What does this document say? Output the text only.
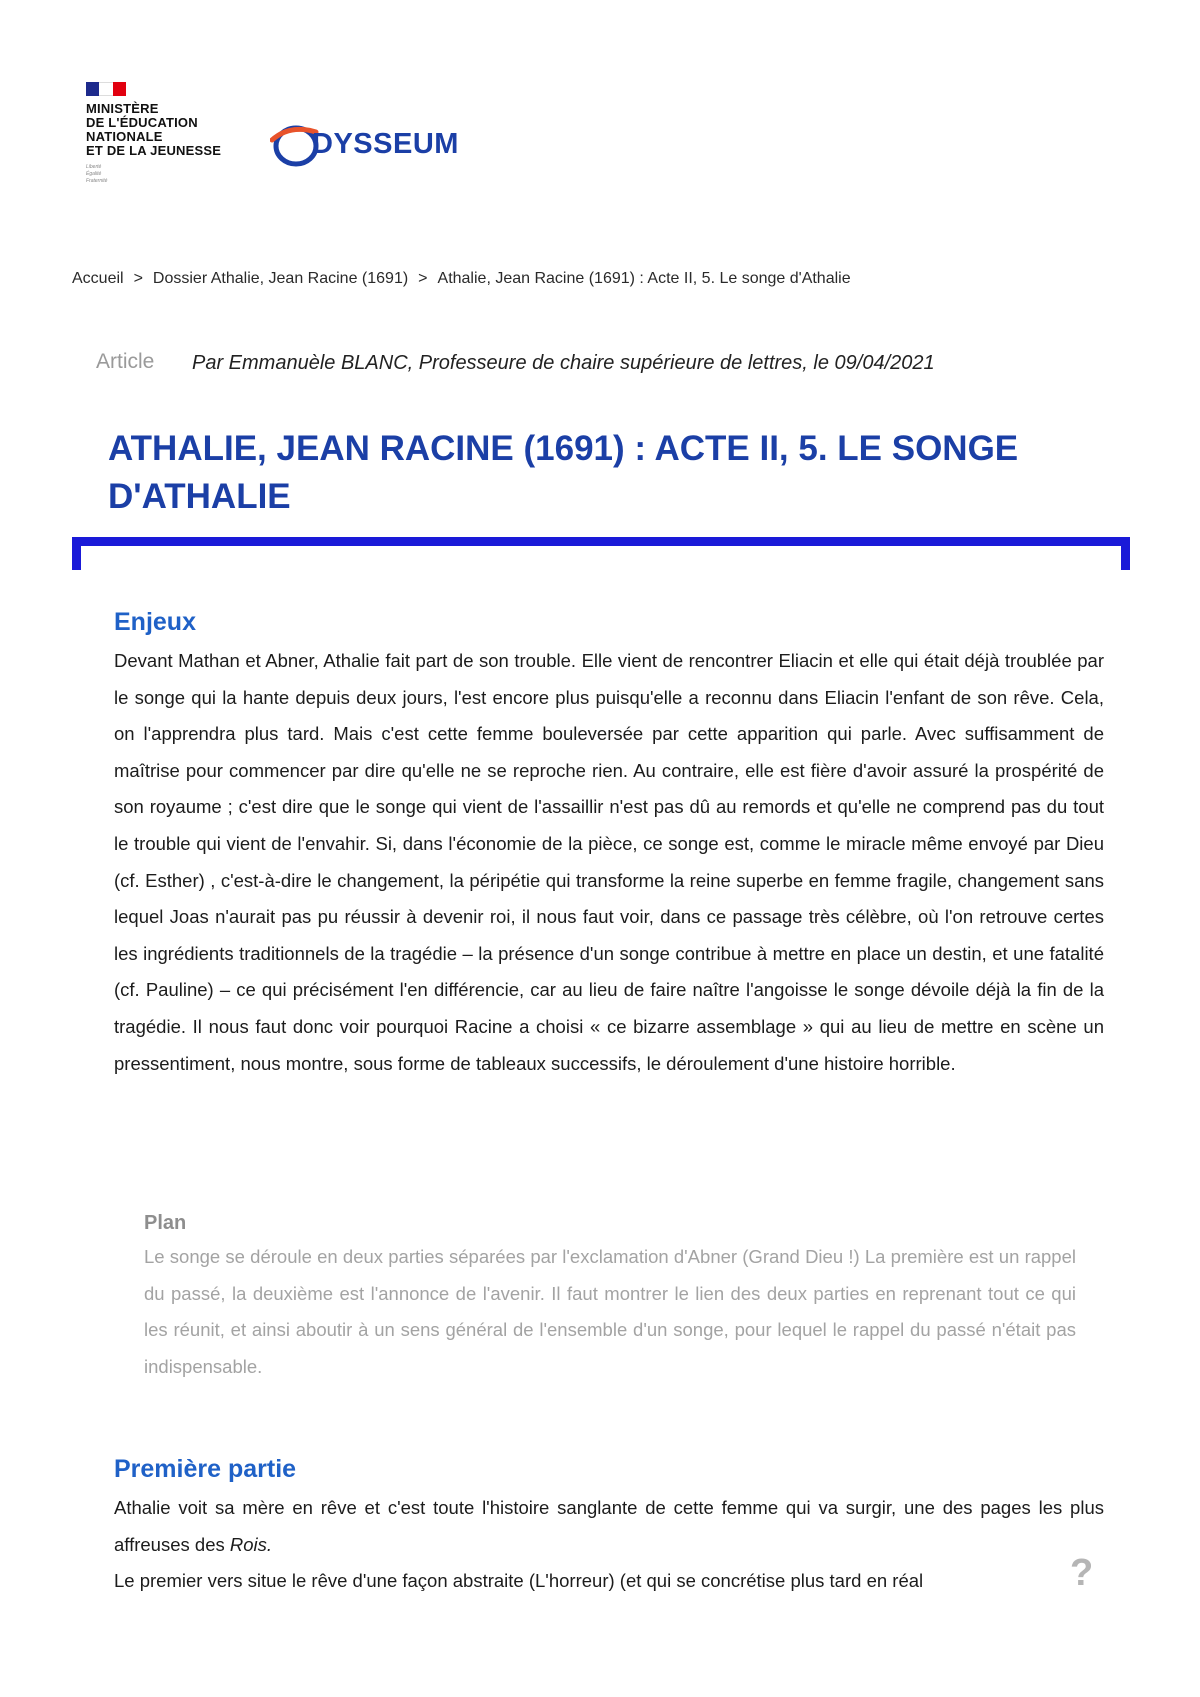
MINISTÈRE
DE L'ÉDUCATION
NATIONALE
ET DE LA JEUNESSE
Liberté
Égalité
Fraternité
DYSSEUM
Accueil > Dossier Athalie, Jean Racine (1691) > Athalie, Jean Racine (1691) : Acte II, 5. Le songe d'Athalie
Article Par Emmanuèle BLANC, Professeure de chaire supérieure de lettres, le 09/04/2021
ATHALIE, JEAN RACINE (1691) : ACTE II, 5. LE SONGE D'ATHALIE
Enjeux

Devant Mathan et Abner, Athalie fait part de son trouble. Elle vient de rencontrer Eliacin et elle qui était déjà troublée par le songe qui la hante depuis deux jours, l'est encore plus puisqu'elle a reconnu dans Eliacin l'enfant de son rêve. Cela, on l'apprendra plus tard. Mais c'est cette femme bouleversée par cette apparition qui parle. Avec suffisamment de maîtrise pour commencer par dire qu'elle ne se reproche rien. Au contraire, elle est fière d'avoir assuré la prospérité de son royaume ; c'est dire que le songe qui vient de l'assaillir n'est pas dû au remords et qu'elle ne comprend pas du tout le trouble qui vient de l'envahir. Si, dans l'économie de la pièce, ce songe est, comme le miracle même envoyé par Dieu (cf. Esther) , c'est-à-dire le changement, la péripétie qui transforme la reine superbe en femme fragile, changement sans lequel Joas n'aurait pas pu réussir à devenir roi, il nous faut voir, dans ce passage très célèbre, où l'on retrouve certes les ingrédients traditionnels de la tragédie – la présence d'un songe contribue à mettre en place un destin, et une fatalité (cf. Pauline) – ce qui précisément l'en différencie, car au lieu de faire naître l'angoisse le songe dévoile déjà la fin de la tragédie. Il nous faut donc voir pourquoi Racine a choisi « ce bizarre assemblage » qui au lieu de mettre en scène un pressentiment, nous montre, sous forme de tableaux successifs, le déroulement d'une histoire horrible.

Plan

Le songe se déroule en deux parties séparées par l'exclamation d'Abner (Grand Dieu !) La première est un rappel du passé, la deuxième est l'annonce de l'avenir. Il faut montrer le lien des deux parties en reprenant tout ce qui les réunit, et ainsi aboutir à un sens général de l'ensemble d'un songe, pour lequel le rappel du passé n'était pas indispensable.

Première partie

Athalie voit sa mère en rêve et c'est toute l'histoire sanglante de cette femme qui va surgir, une des pages les plus affreuses des Rois.
Le premier vers situe le rêve d'une façon abstraite (L'horreur) (et qui se concrétise plus tard en réal	?
